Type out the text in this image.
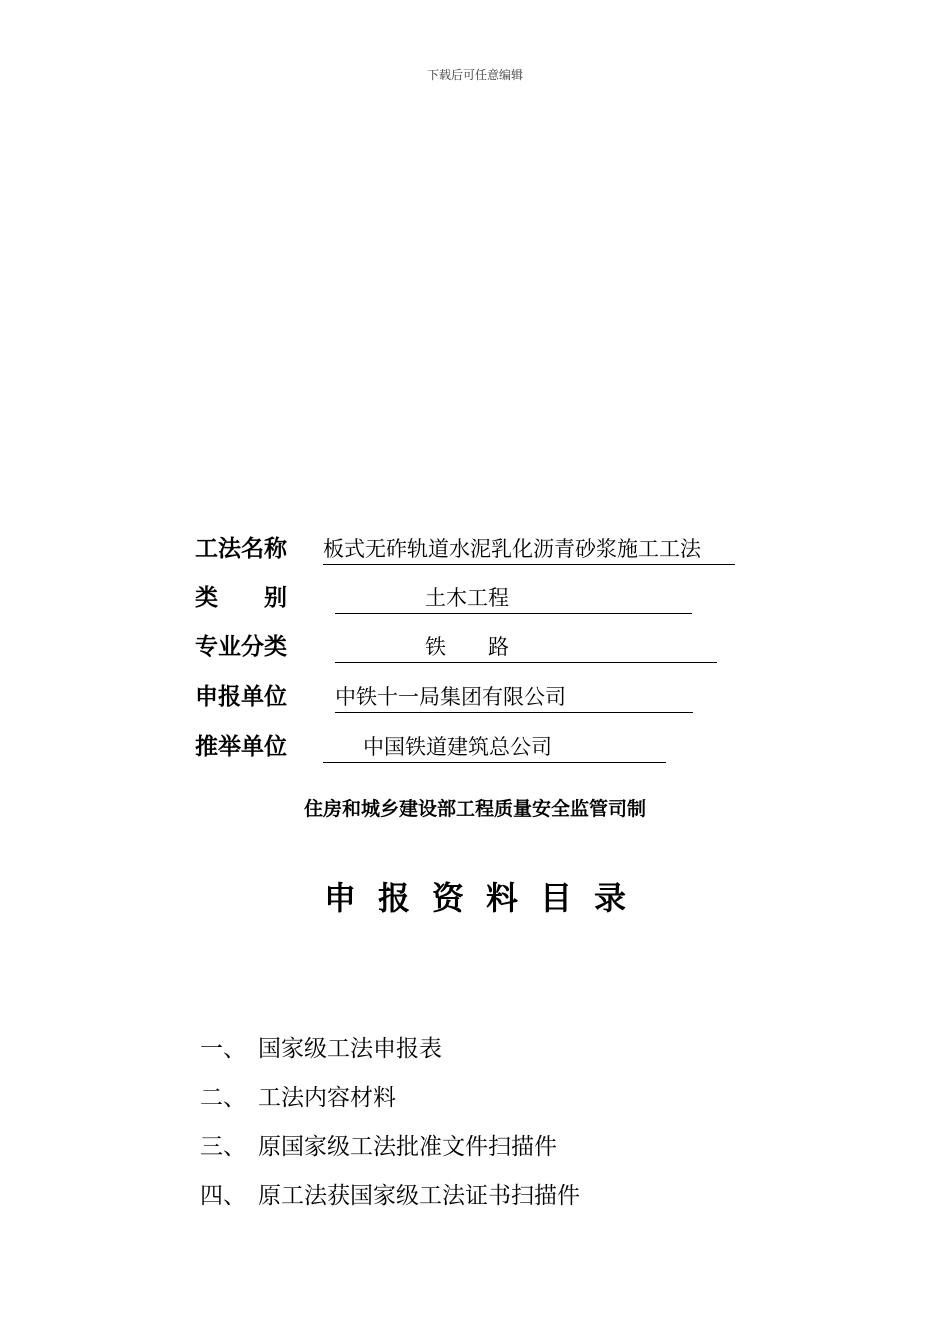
下载后可任意编辑
工法名称 板式无砟轨道水泥乳化沥青砂浆施工工法
类　　别	土木工程
专业分类	铁　　路
申报单位 中铁十一局集团有限公司
推举单位	中国铁道建筑总公司
住房和城乡建设部工程质量安全监管司制
申报资料目录
一、 国家级工法申报表
二、 工法内容材料
三、 原国家级工法批准文件扫描件
四、 原工法获国家级工法证书扫描件
